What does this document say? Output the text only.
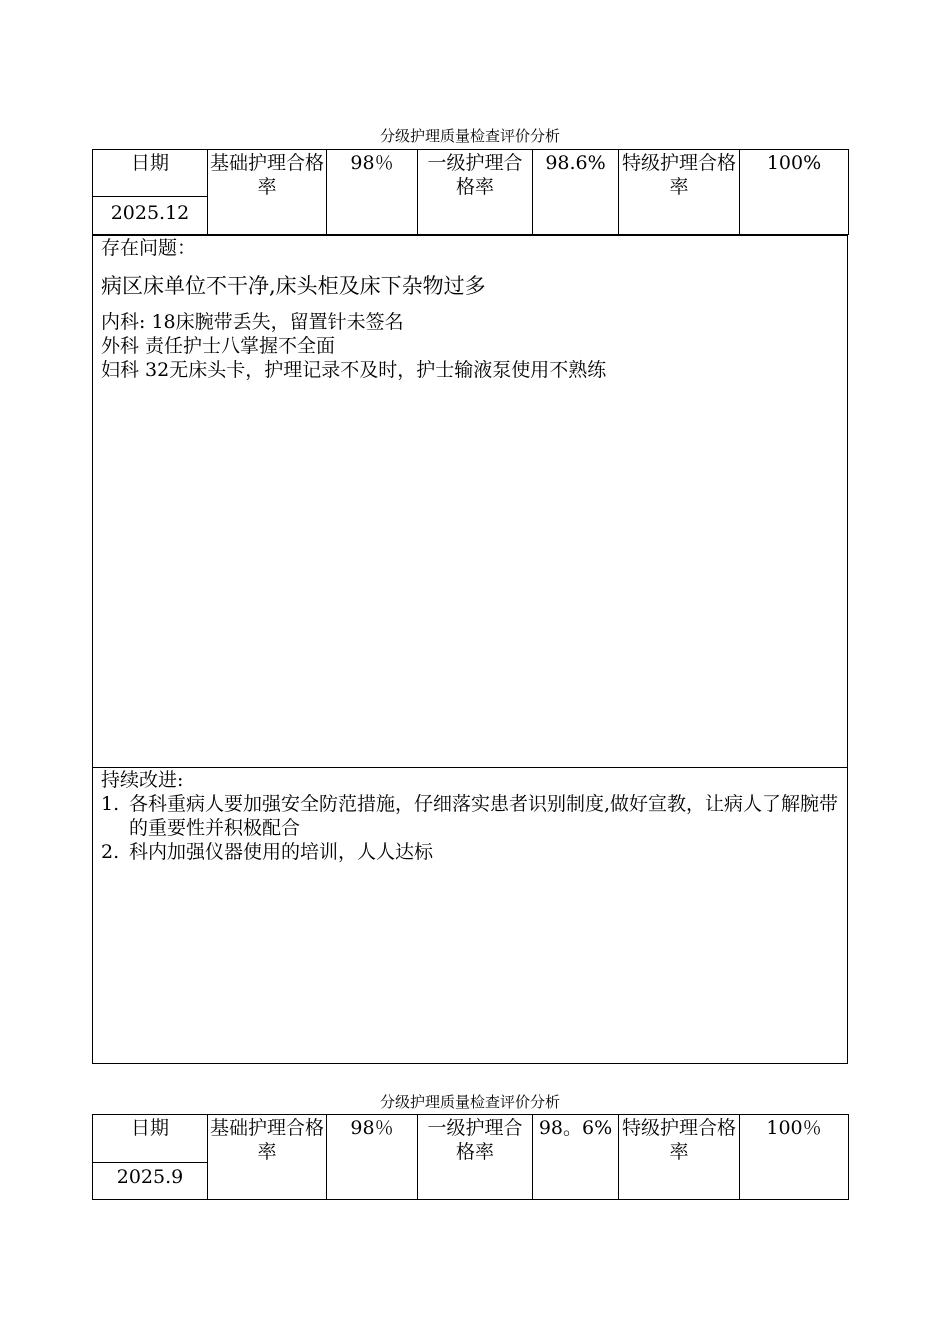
分级护理质量检查评价分析
日期	基础护理合格率	98％	一级护理合格率	98.6%	特级护理合格率	100%
2025.12
存在问题：
病区床单位不干净,床头柜及床下杂物过多
内科: 18床腕带丢失，留置针未签名
外科 责任护士八掌握不全面
妇科 32无床头卡，护理记录不及时，护士输液泵使用不熟练
持续改进:
1. 各科重病人要加强安全防范措施，仔细落实患者识别制度,做好宣教，让病人了解腕带的重要性并积极配合
2. 科内加强仪器使用的培训，人人达标
分级护理质量检查评价分析
日期	基础护理合格率	98％	一级护理合格率	98。6%	特级护理合格率	100％
2025.9
